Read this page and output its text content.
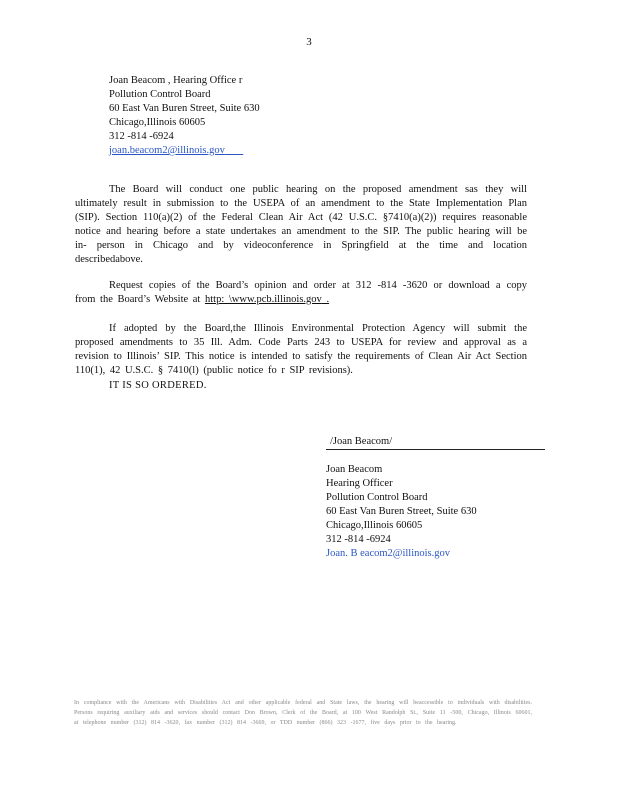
3
Joan Beacom , Hearing Office r
Pollution Control Board
60 East Van Buren Street, Suite 630
Chicago,Illinois 60605
312 -814 -6924
joan.beacom2@illinois.gov

The Board will conduct one public hearing on the proposed amendment sas they will ultimately result in submission to the USEPA of an amendment to the State Implementation Plan (SIP). Section 110(a)(2) of the Federal Clean Air Act (42 U.S.C. §7410(a)(2)) requires reasonable notice and hearing before a state undertakes an amendment to the SIP. The public hearing will be in- person in Chicago and by videoconference in Springfield at the time and location describedabove.

Request copies of the Board’s opinion and order at 312 -814 -3620 or download a copy from the Board’s Website at http: \www.pcb.illinois.gov .

If adopted by the Board,the Illinois Environmental Protection Agency will submit the proposed amendments to 35 Ill. Adm. Code Parts 243 to USEPA for review and approval as a revision to Illinois’ SIP. This notice is intended to satisfy the requirements of Clean Air Act Section 110(1), 42 U.S.C. § 7410(l) (public notice fo r SIP revisions).

IT IS SO ORDERED.
/Joan Beacom/
Joan Beacom
Hearing Officer
Pollution Control Board
60 East Van Buren Street, Suite 630
Chicago,Illinois 60605
312 -814 -6924
Joan. B eacom2@illinois.gov
In compliance with the Americans with Disabilities Act and other applicable federal and State laws, the hearing will beaccessible to individuals with disabilities. Persons requiring auxiliary aids and services should contact Don Brown, Clerk of the Board, at 100 West Randolph St., Suite 11 -500, Chicago, Illinois 60601, at telephone number (312) 814 -3620, fax number (312) 814 -3669, or TDD number (866) 323 -1677, five days prior to the hearing.
